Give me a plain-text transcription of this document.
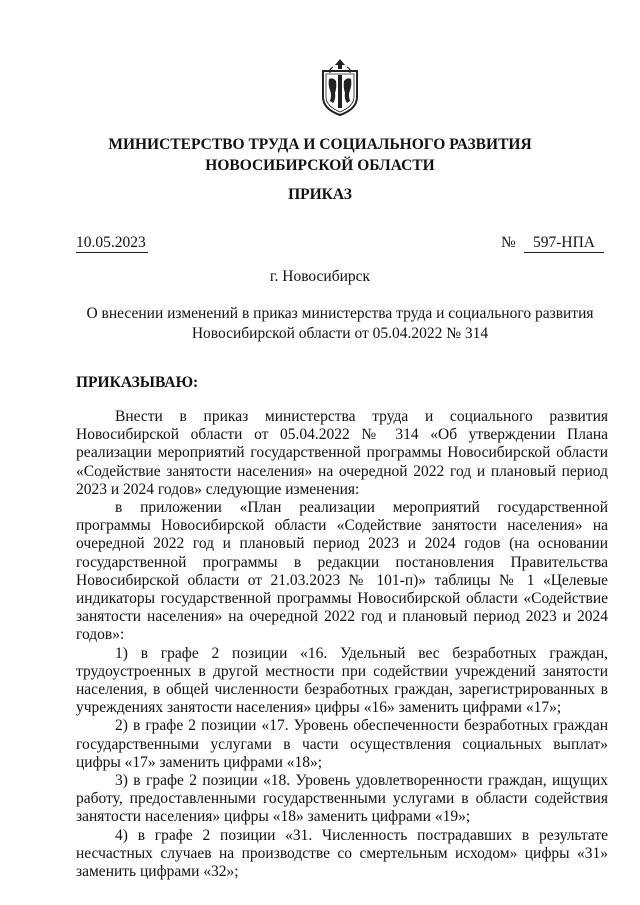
МИНИСТЕРСТВО ТРУДА И СОЦИАЛЬНОГО РАЗВИТИЯ
НОВОСИБИРСКОЙ ОБЛАСТИ
ПРИКАЗ
10.05.2023	№	597-НПА
г. Новосибирск
О внесении изменений в приказ министерства труда и социального развития
Новосибирской области от 05.04.2022 № 314
ПРИКАЗЫВАЮ:

Внести в приказ министерства труда и социального развития Новосибирской области от 05.04.2022 № 314 «Об утверждении Плана реализации мероприятий государственной программы Новосибирской области «Содействие занятости населения» на очередной 2022 год и плановый период 2023 и 2024 годов» следующие изменения:

в приложении «План реализации мероприятий государственной программы Новосибирской области «Содействие занятости населения» на очередной 2022 год и плановый период 2023 и 2024 годов (на основании государственной программы в редакции постановления Правительства Новосибирской области от 21.03.2023 № 101-п)» таблицы № 1 «Целевые индикаторы государственной программы Новосибирской области «Содействие занятости населения» на очередной 2022 год и плановый период 2023 и 2024 годов»:

1) в графе 2 позиции «16. Удельный вес безработных граждан, трудоустроенных в другой местности при содействии учреждений занятости населения, в общей численности безработных граждан, зарегистрированных в учреждениях занятости населения» цифры «16» заменить цифрами «17»;

2) в графе 2 позиции «17. Уровень обеспеченности безработных граждан государственными услугами в части осуществления социальных выплат» цифры «17» заменить цифрами «18»;

3) в графе 2 позиции «18. Уровень удовлетворенности граждан, ищущих работу, предоставленными государственными услугами в области содействия занятости населения» цифры «18» заменить цифрами «19»;

4) в графе 2 позиции «31. Численность пострадавших в результате несчастных случаев на производстве со смертельным исходом» цифры «31» заменить цифрами «32»;
